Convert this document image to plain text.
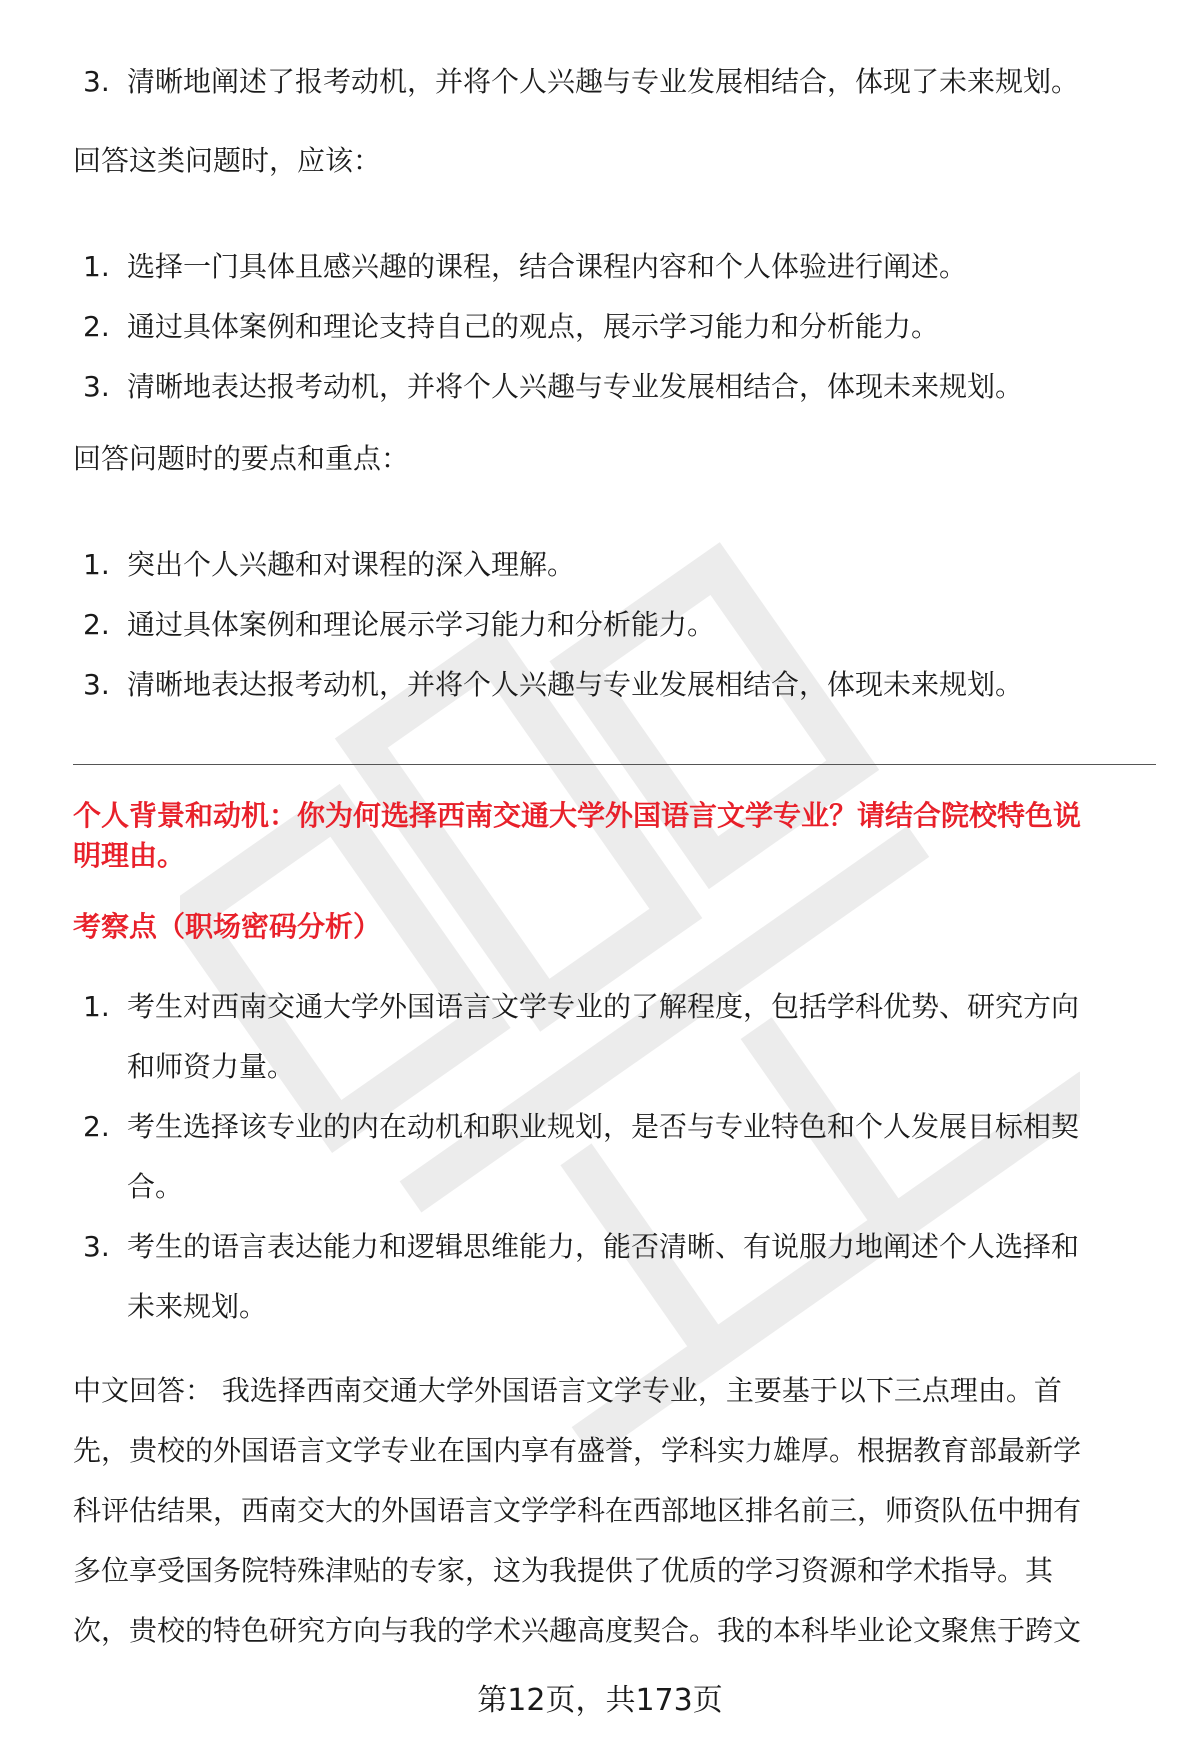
3. 清晰地阐述了报考动机，并将个人兴趣与专业发展相结合，体现了未来规划。

回答这类问题时，应该：

1. 选择一门具体且感兴趣的课程，结合课程内容和个人体验进行阐述。
2. 通过具体案例和理论支持自己的观点，展示学习能力和分析能力。
3. 清晰地表达报考动机，并将个人兴趣与专业发展相结合，体现未来规划。

回答问题时的要点和重点：

1. 突出个人兴趣和对课程的深入理解。
2. 通过具体案例和理论展示学习能力和分析能力。
3. 清晰地表达报考动机，并将个人兴趣与专业发展相结合，体现未来规划。

个人背景和动机：你为何选择西南交通大学外国语言文学专业？请结合院校特色说
明理由。

考察点（职场密码分析）

1. 考生对西南交通大学外国语言文学专业的了解程度，包括学科优势、研究方向
和师资力量。
2. 考生选择该专业的内在动机和职业规划，是否与专业特色和个人发展目标相契
合。
3. 考生的语言表达能力和逻辑思维能力，能否清晰、有说服力地阐述个人选择和
未来规划。
中文回答： 我选择西南交通大学外国语言文学专业，主要基于以下三点理由。首
先，贵校的外国语言文学专业在国内享有盛誉，学科实力雄厚。根据教育部最新学
科评估结果，西南交大的外国语言文学学科在西部地区排名前三，师资队伍中拥有
多位享受国务院特殊津贴的专家，这为我提供了优质的学习资源和学术指导。其
次，贵校的特色研究方向与我的学术兴趣高度契合。我的本科毕业论文聚焦于跨文
第12页，共173页
